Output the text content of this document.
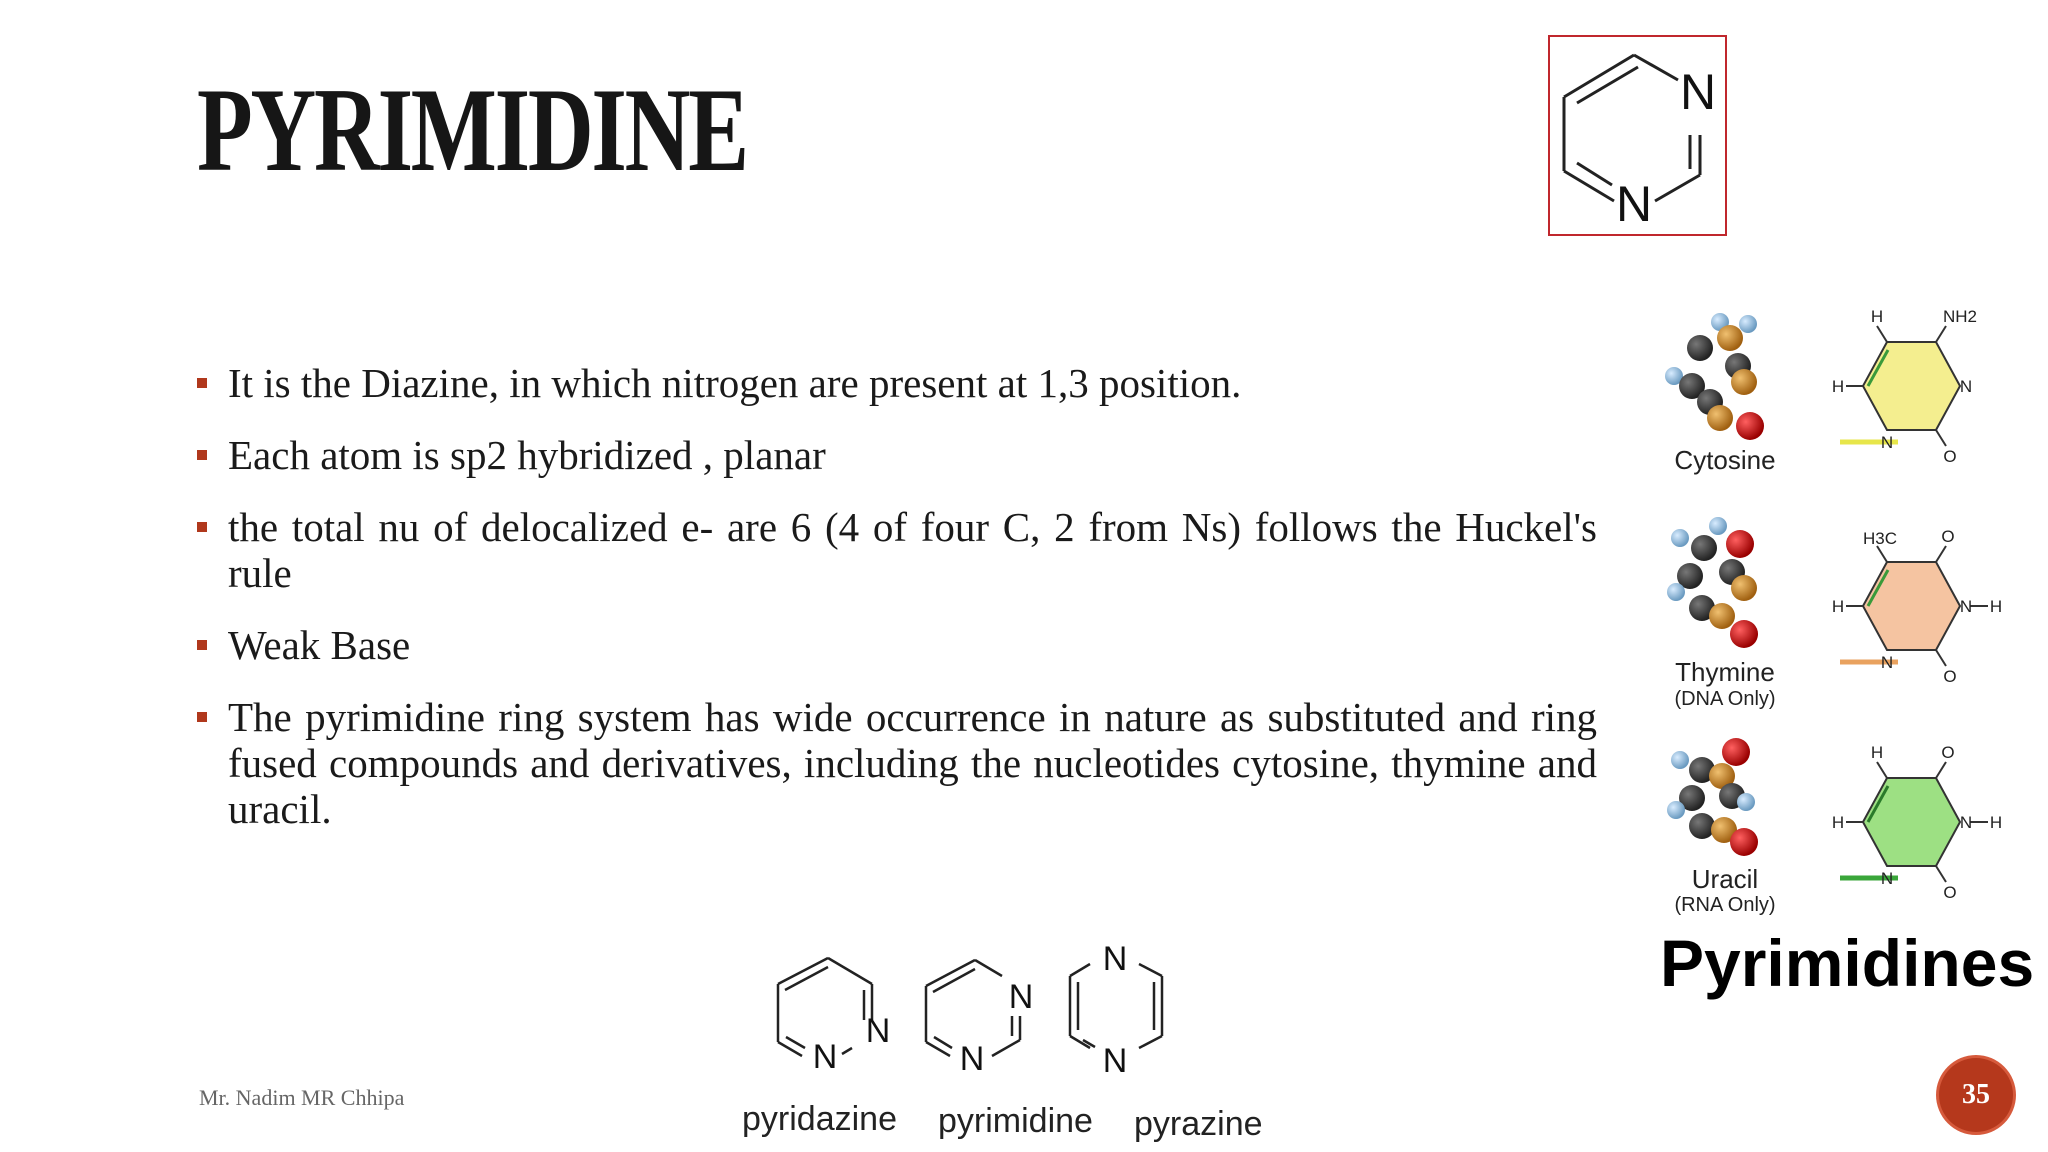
PYRIMIDINE	N
N
It is the Diazine, in which nitrogen are present at 1,3 position.
Each atom is sp2 hybridized , planar
the total nu of delocalized e- are 6 (4 of four C, 2 from Ns) follows the Huckel's rule
Weak Base
The pyrimidine ring system has wide occurrence in nature as substituted and ring fused compounds and derivatives, including the nucleotides cytosine, thymine and uracil.
Mr. Nadim MR Chhipa
N
N
N
N
N
N
pyridazine pyrimidine pyrazine
H	NH2
H	N
N
O
H3C	O
H	N H
N
O
H	O
H	N H
N
O
Cytosine
Thymine
(DNA Only)
Uracil
(RNA Only)
Pyrimidines
35
